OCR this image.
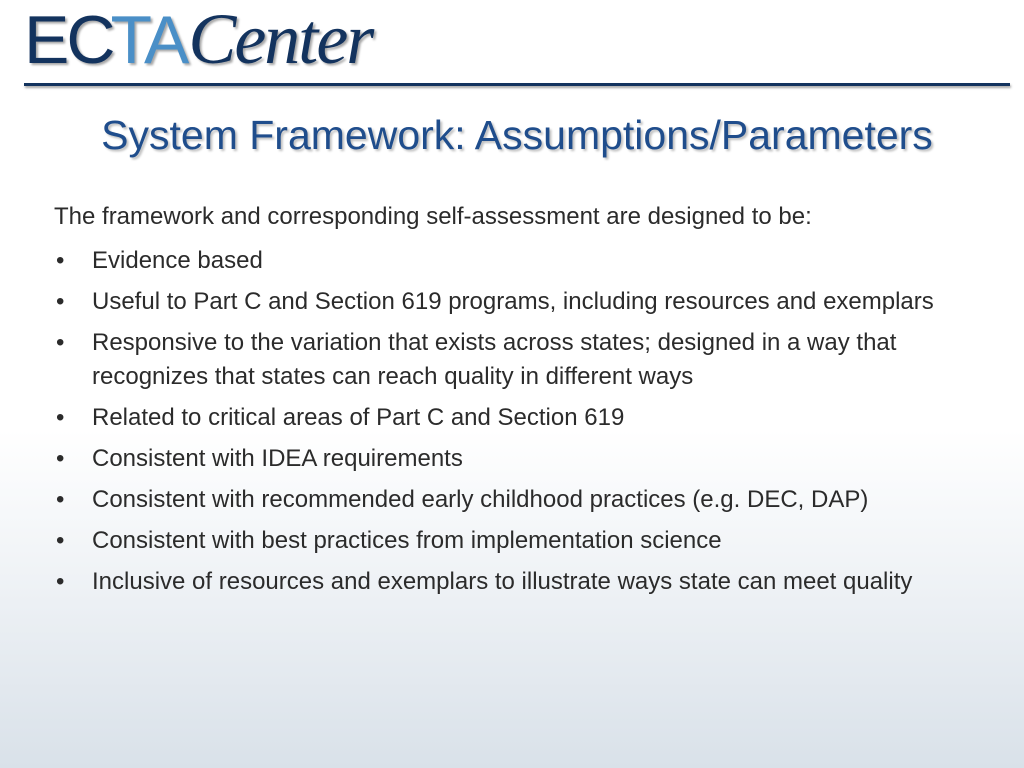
ECTACenter
System Framework: Assumptions/Parameters

The framework and corresponding self-assessment are designed to be:

• Evidence based
• Useful to Part C and Section 619 programs, including resources and exemplars
• Responsive to the variation that exists across states; designed in a way that recognizes that states can reach quality in different ways
• Related to critical areas of Part C and Section 619
• Consistent with IDEA requirements
• Consistent with recommended early childhood practices (e.g. DEC, DAP)
• Consistent with best practices from implementation science
• Inclusive of resources and exemplars to illustrate ways state can meet quality
